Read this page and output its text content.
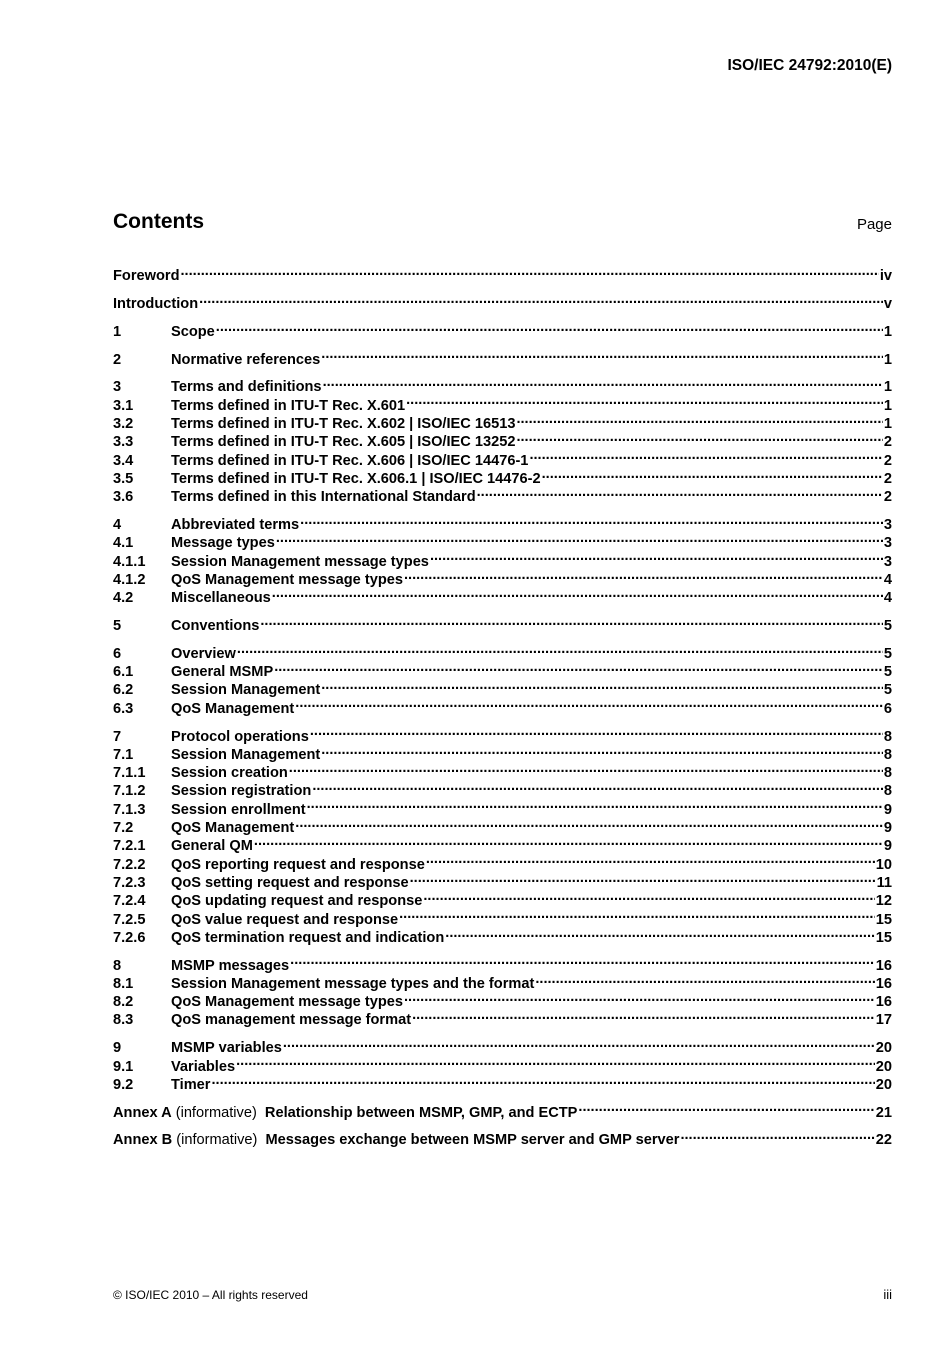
ISO/IEC 24792:2010(E)
Contents	Page
Foreword .....	iv
Introduction .....	v
1	Scope .....	1
2	Normative references .....	1
3	Terms and definitions .....	1
3.1	Terms defined in ITU-T Rec. X.601 .....	1
3.2	Terms defined in ITU-T Rec. X.602 | ISO/IEC 16513 .....	1
3.3	Terms defined in ITU-T Rec. X.605 | ISO/IEC 13252 .....	2
3.4	Terms defined in ITU-T Rec. X.606 | ISO/IEC 14476-1 .....	2
3.5	Terms defined in ITU-T Rec. X.606.1 | ISO/IEC 14476-2 .....	2
3.6	Terms defined in this International Standard .....	2
4	Abbreviated terms .....	3
4.1	Message types .....	3
4.1.1	Session Management message types .....	3
4.1.2	QoS Management message types .....	4
4.2	Miscellaneous .....	4
5	Conventions .....	5
6	Overview .....	5
6.1	General MSMP .....	5
6.2	Session Management .....	5
6.3	QoS Management .....	6
7	Protocol operations .....	8
7.1	Session Management .....	8
7.1.1	Session creation .....	8
7.1.2	Session registration .....	8
7.1.3	Session enrollment .....	9
7.2	QoS Management .....	9
7.2.1	General QM .....	9
7.2.2	QoS reporting request and response .....	10
7.2.3	QoS setting request and response .....	11
7.2.4	QoS updating request and response .....	12
7.2.5	QoS value request and response .....	15
7.2.6	QoS termination request and indication .....	15
8	MSMP messages .....	16
8.1	Session Management message types and the format .....	16
8.2	QoS Management message types .....	16
8.3	QoS management message format .....	17
9	MSMP variables .....	20
9.1	Variables .....	20
9.2	Timer .....	20
Annex A (informative)  Relationship between MSMP, GMP, and ECTP .....	21
Annex B (informative)  Messages exchange between MSMP server and GMP server .....	22
© ISO/IEC 2010 – All rights reserved	iii
